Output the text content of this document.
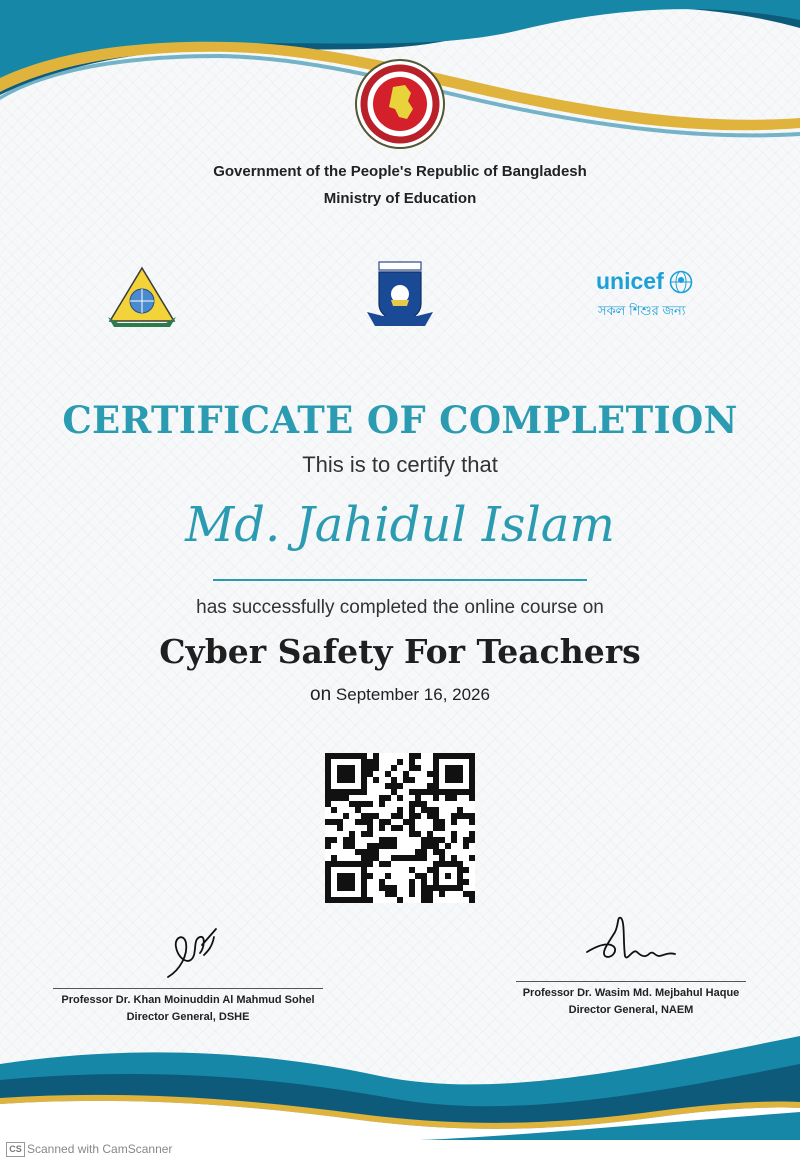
Government of the People's Republic of Bangladesh
Ministry of Education
unicef
সকল শিশুর জন্য
CERTIFICATE OF COMPLETION
This is to certify that
Md. Jahidul Islam
has successfully completed the online course on
Cyber Safety For Teachers
on September 16, 2026
Professor Dr. Khan Moinuddin Al Mahmud Sohel
Director General, DSHE
Professor Dr. Wasim Md. Mejbahul Haque
Director General, NAEM
CS Scanned with CamScanner
